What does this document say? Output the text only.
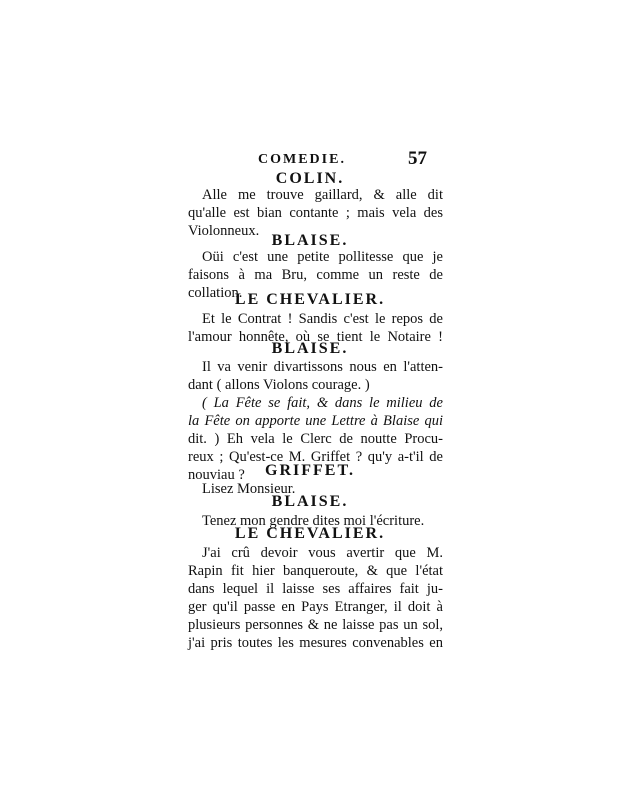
COMEDIE.	57
COLIN.
Alle me trouve gaillard, & alle dit
qu'alle est bian contante ; mais vela des
Violonneux.
BLAISE.
Oüi c'est une petite pollitesse que je
faisons à ma Bru, comme un reste de
collation.
LE CHEVALIER.
Et le Contrat ! Sandis c'est le repos de
l'amour honnête, où se tient le Notaire !
BLAISE.
Il va venir divartissons nous en l'atten-
dant ( allons Violons courage. )
( La Fête se fait, & dans le milieu de
la Fête on apporte une Lettre à Blaise qui
dit. ) Eh vela le Clerc de noutte Procu-
reux ; Qu'est-ce M. Griffet ? qu'y a-t'il de
nouviau ?	GRIFFET.
Lisez Monsieur.
BLAISE.
Tenez mon gendre dites moi l'écriture.
LE CHEVALIER.
J'ai crû devoir vous avertir que M.
Rapin fit hier banqueroute, & que l'état
dans lequel il laisse ses affaires fait ju-
ger qu'il passe en Pays Etranger, il doit à
plusieurs personnes & ne laisse pas un sol,
j'ai pris toutes les mesures convenables en
